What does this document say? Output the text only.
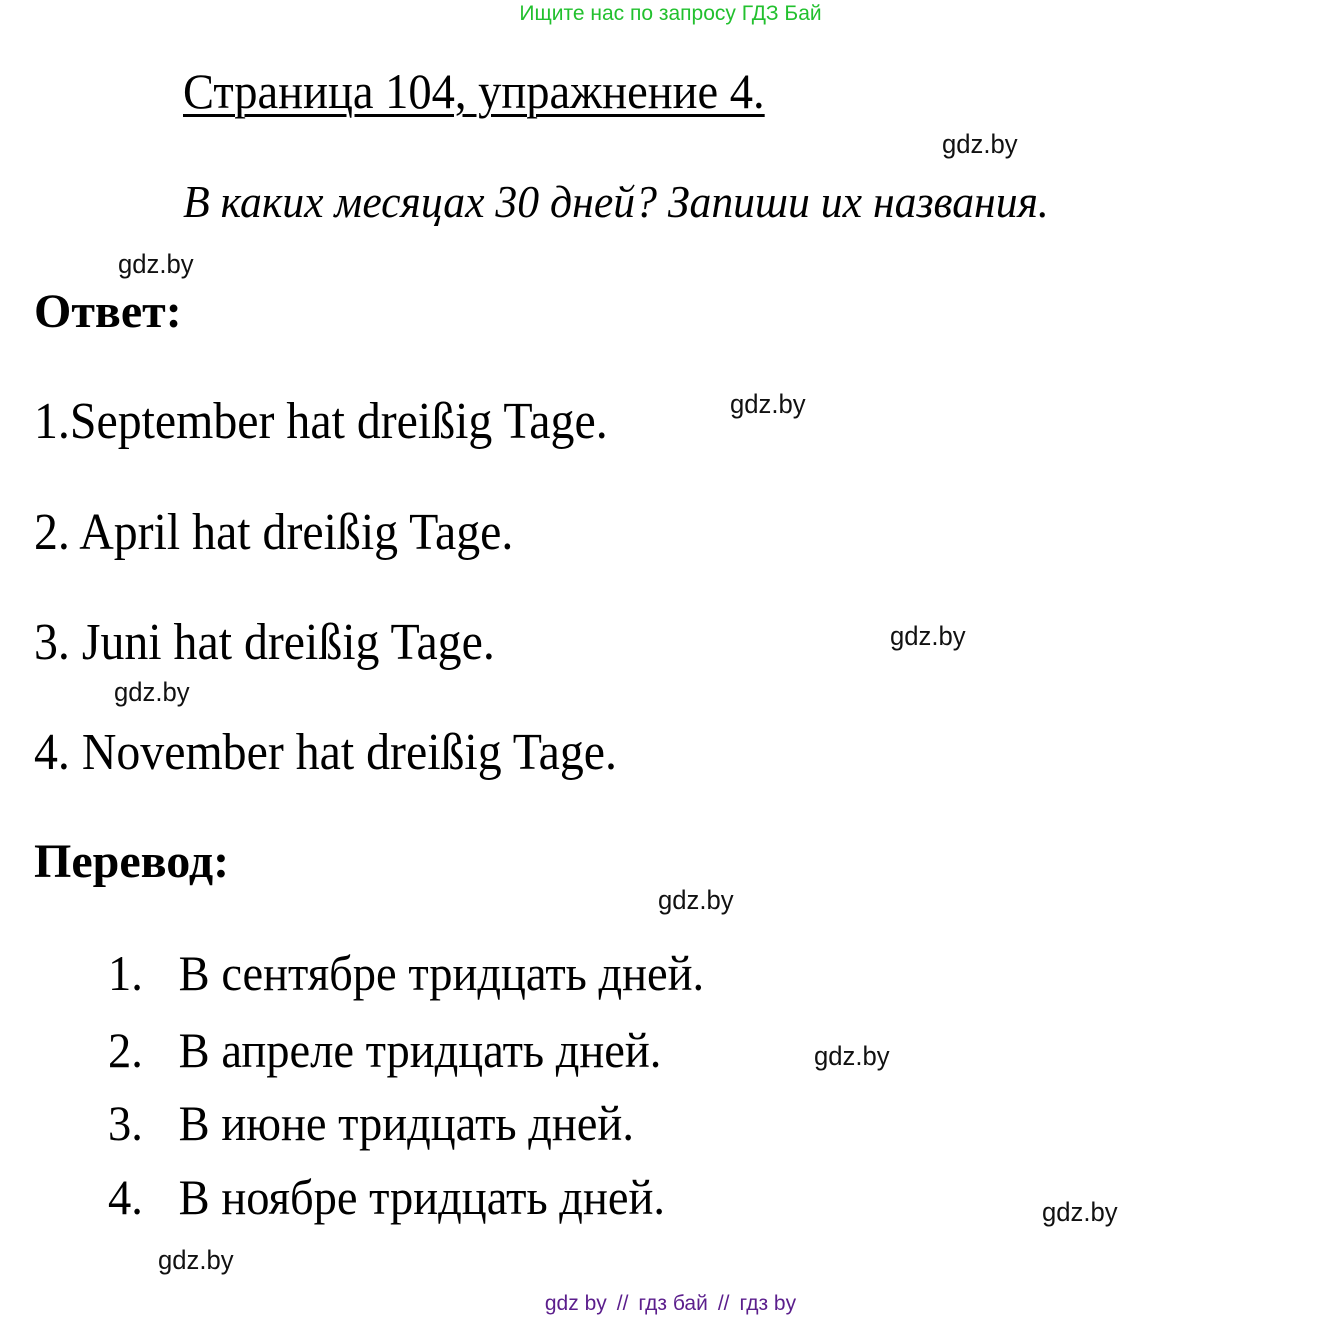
Ищите нас по запросу ГДЗ Бай
Страница 104, упражнение 4.
gdz.by
В каких месяцах 30 дней? Запиши их названия.
gdz.by
Ответ:
1.September hat dreißig Tage.	gdz.by
2. April hat dreißig Tage.
3. Juni hat dreißig Tage.	gdz.by
gdz.by
4. November hat dreißig Tage.
Перевод:
gdz.by
1. В сентябре тридцать дней.
2. В апреле тридцать дней.	gdz.by
3. В июне тридцать дней.
4. В ноябре тридцать дней.	gdz.by
gdz.by
gdz by // гдз бай // гдз by
